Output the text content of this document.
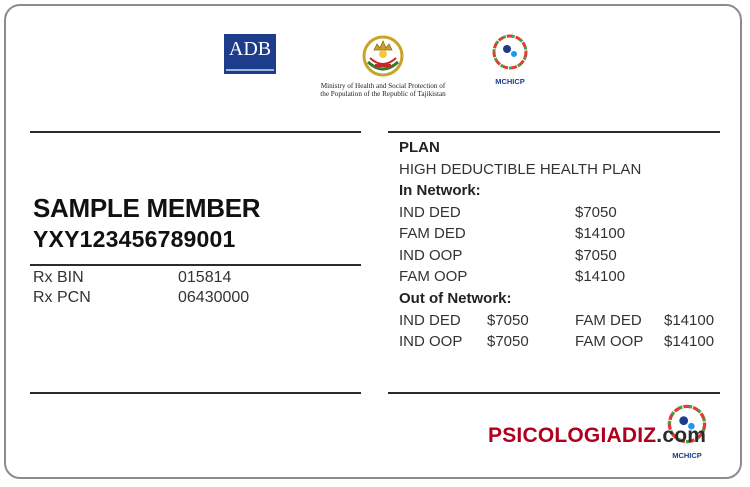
ADB
Ministry of Health and Social Protection of the Population of the Republic of Tajikistan
MCHICP
SAMPLE MEMBER
YXY123456789001
Rx BIN	015814
Rx PCN	06430000
PLAN
HIGH DEDUCTIBLE HEALTH PLAN
In Network:
IND DED	$7050
FAM DED	$14100
IND OOP	$7050
FAM OOP	$14100
Out of Network:
IND DED $7050	FAM DED $14100
IND OOP $7050	FAM OOP $14100
MCHICP
PSICOLOGIADIZ.com
